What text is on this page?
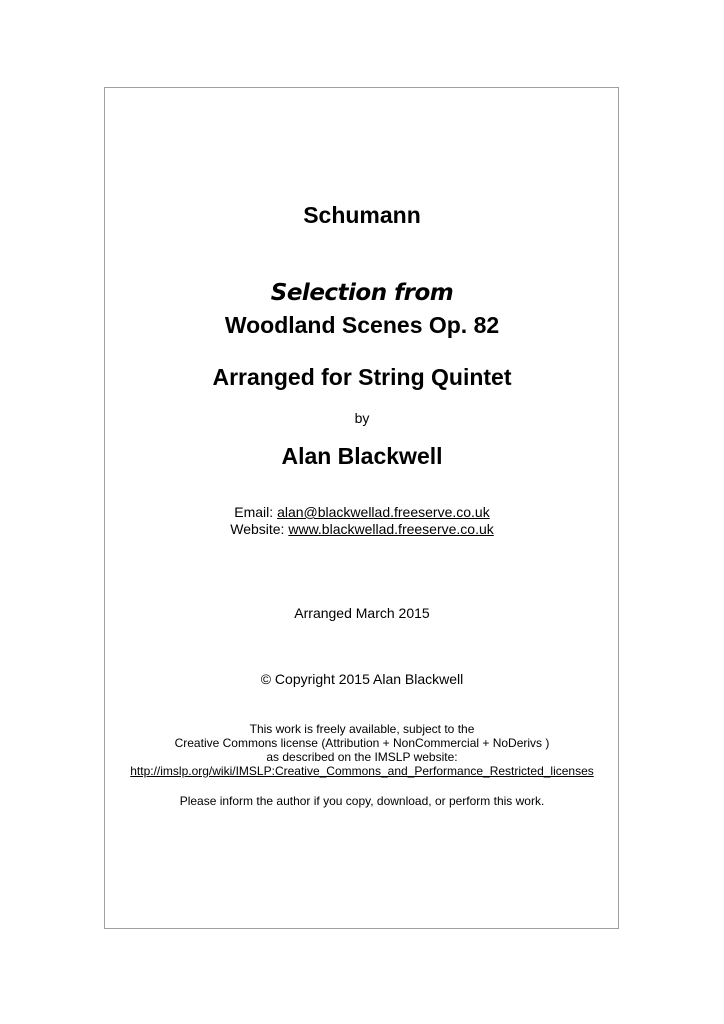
Schumann
Selection from
Woodland Scenes Op. 82
Arranged for String Quintet
by
Alan Blackwell
Email: alan@blackwellad.freeserve.co.uk
Website: www.blackwellad.freeserve.co.uk
Arranged March 2015
© Copyright 2015 Alan Blackwell
This work is freely available, subject to the
Creative Commons license (Attribution + NonCommercial + NoDerivs )
as described on the IMSLP website:
http://imslp.org/wiki/IMSLP:Creative_Commons_and_Performance_Restricted_licenses
Please inform the author if you copy, download, or perform this work.
